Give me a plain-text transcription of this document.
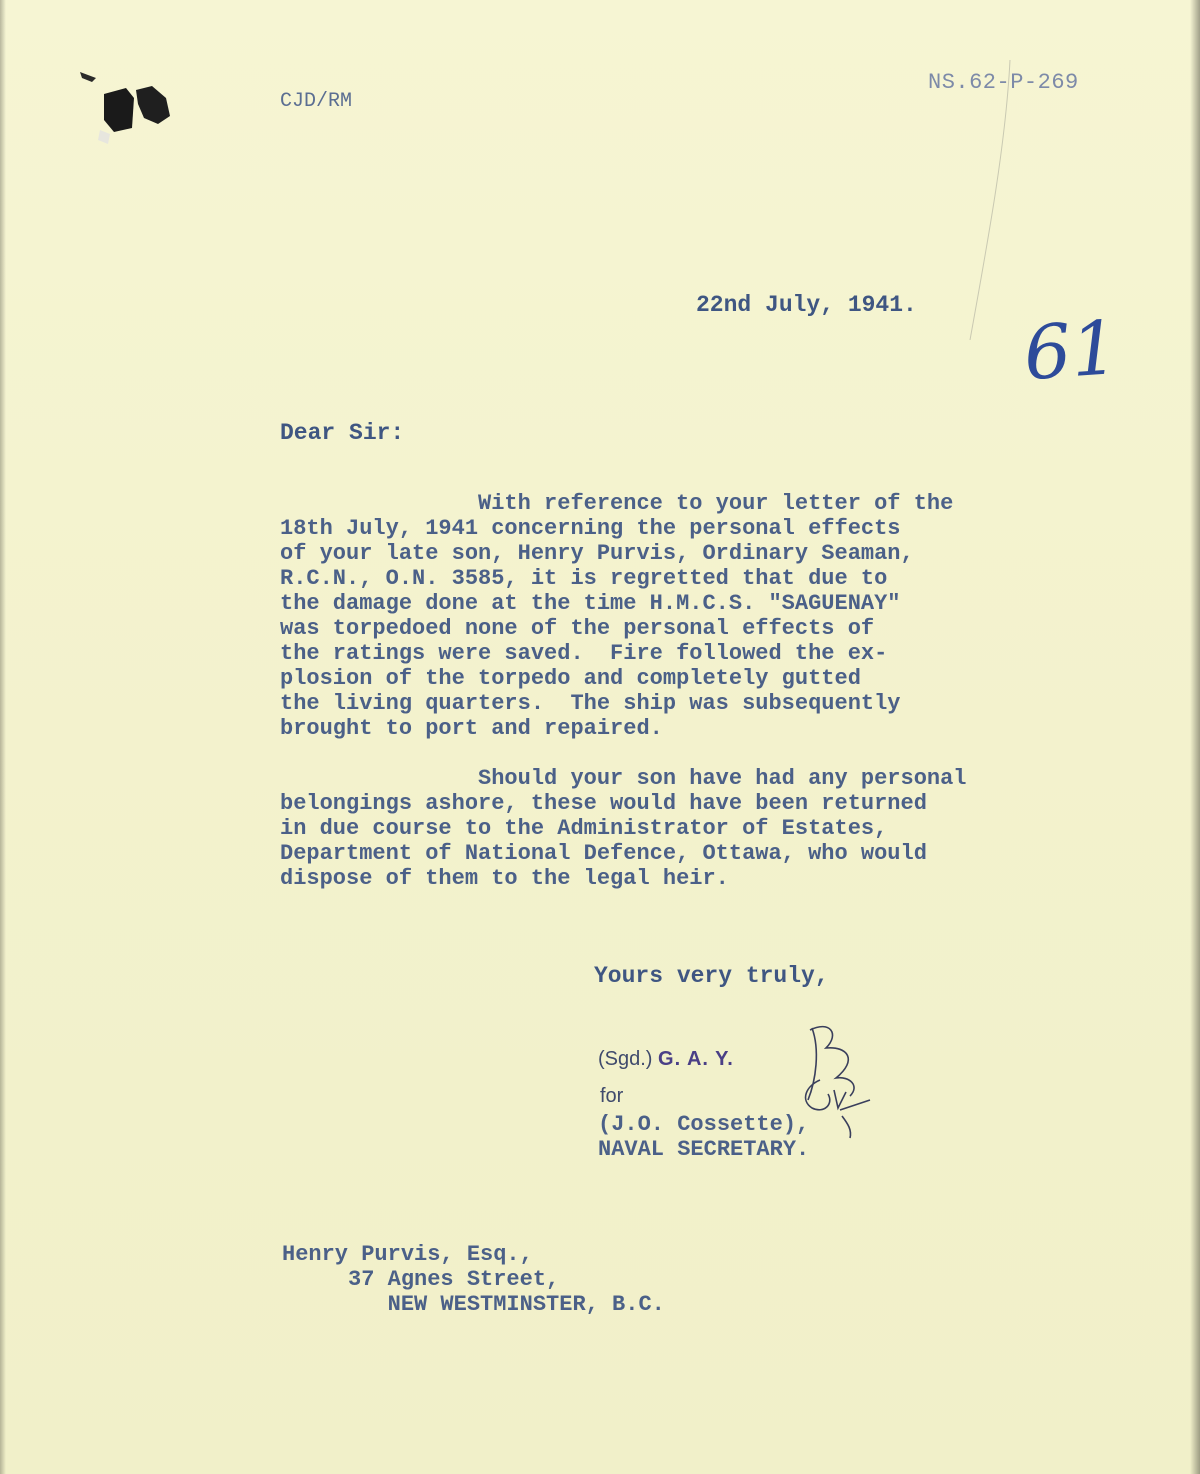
CJD/RM

NS.62-P-269

22nd July, 1941. 61

Dear Sir:

With reference to your letter of the
18th July, 1941 concerning the personal effects
of your late son, Henry Purvis, Ordinary Seaman,
R.C.N., O.N. 3585, it is regretted that due to
the damage done at the time H.M.C.S. "SAGUENAY"
was torpedoed none of the personal effects of
the ratings were saved.  Fire followed the ex-
plosion of the torpedo and completely gutted
the living quarters.  The ship was subsequently
brought to port and repaired.

Should your son have had any personal
belongings ashore, these would have been returned
in due course to the Administrator of Estates,
Department of National Defence, Ottawa, who would
dispose of them to the legal heir.

Yours very truly,

(Sgd.) G. A. Y.

for

(J.O. Cossette),
NAVAL SECRETARY.
Henry Purvis, Esq.,
37 Agnes Street,
NEW WESTMINSTER, B.C.
